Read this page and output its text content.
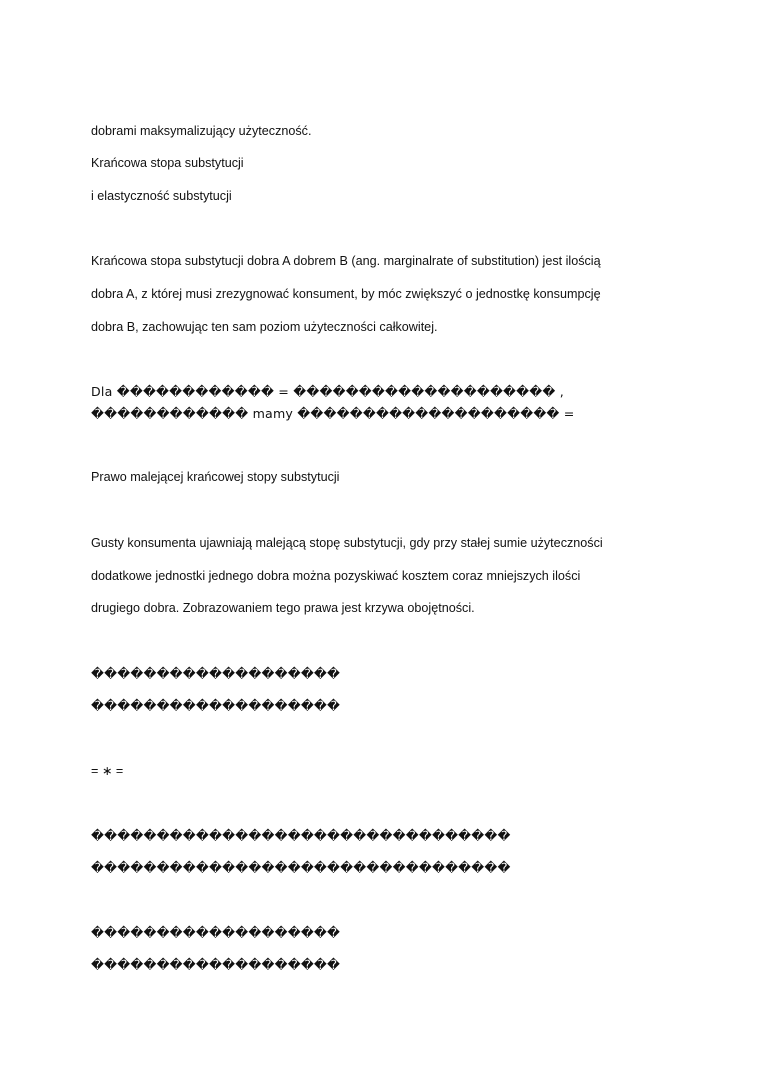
dobrami maksymalizujący użyteczność.
Krańcowa stopa substytucji
i elastyczność substytucji
Krańcowa stopa substytucji dobra A dobrem B (ang. marginalrate of substitution) jest ilością
dobra A, z której musi zrezygnować konsument, by móc zwiększyć o jednostkę konsumpcję
dobra B, zachowując ten sam poziom użyteczności całkowitej.
Dla ������������ = �������������������� ,
������������ mamy �������������������� =
Prawo malejącej krańcowej stopy substytucji
Gusty konsumenta ujawniają malejącą stopę substytucji, gdy przy stałej sumie użyteczności
dodatkowe jednostki jednego dobra można pozyskiwać kosztem coraz mniejszych ilości
drugiego dobra. Zobrazowaniem tego prawa jest krzywa obojętności.
�������������������
�������������������
= ∗ =
��������������������������������
��������������������������������
�������������������
�������������������
